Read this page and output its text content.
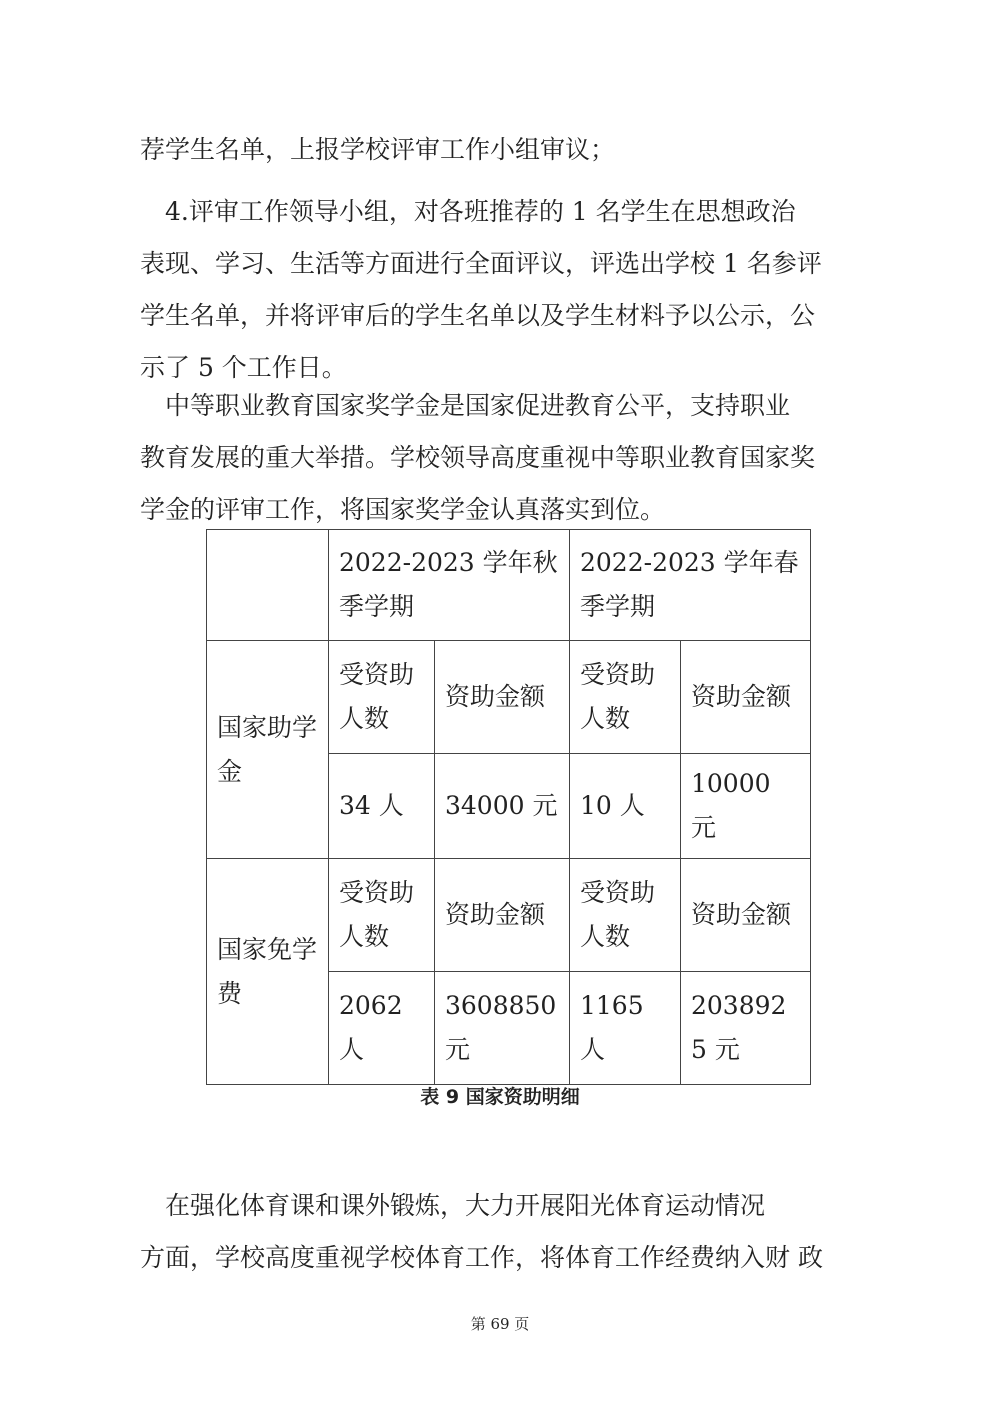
荐学生名单，上报学校评审工作小组审议；
　4.评审工作领导小组，对各班推荐的 1 名学生在思想政治
表现、学习、生活等方面进行全面评议，评选出学校 1 名参评
学生名单，并将评审后的学生名单以及学生材料予以公示，公
示了 5 个工作日。
　中等职业教育国家奖学金是国家促进教育公平，支持职业
教育发展的重大举措。学校领导高度重视中等职业教育国家奖
学金的评审工作，将国家奖学金认真落实到位。
	2022-2023 学年秋季学期		2022-2023 学年春季学期	
国家助学金	受资助人数	资助金额	受资助人数	资助金额
	34 人	34000 元	10 人	10000 元
国家免学费	受资助人数	资助金额	受资助人数	资助金额
	2062 人	3608850 元	1165 人	2038925 元
表 9 国家资助明细
　在强化体育课和课外锻炼，大力开展阳光体育运动情况
方面，学校高度重视学校体育工作，将体育工作经费纳入财 政
第 69 页
